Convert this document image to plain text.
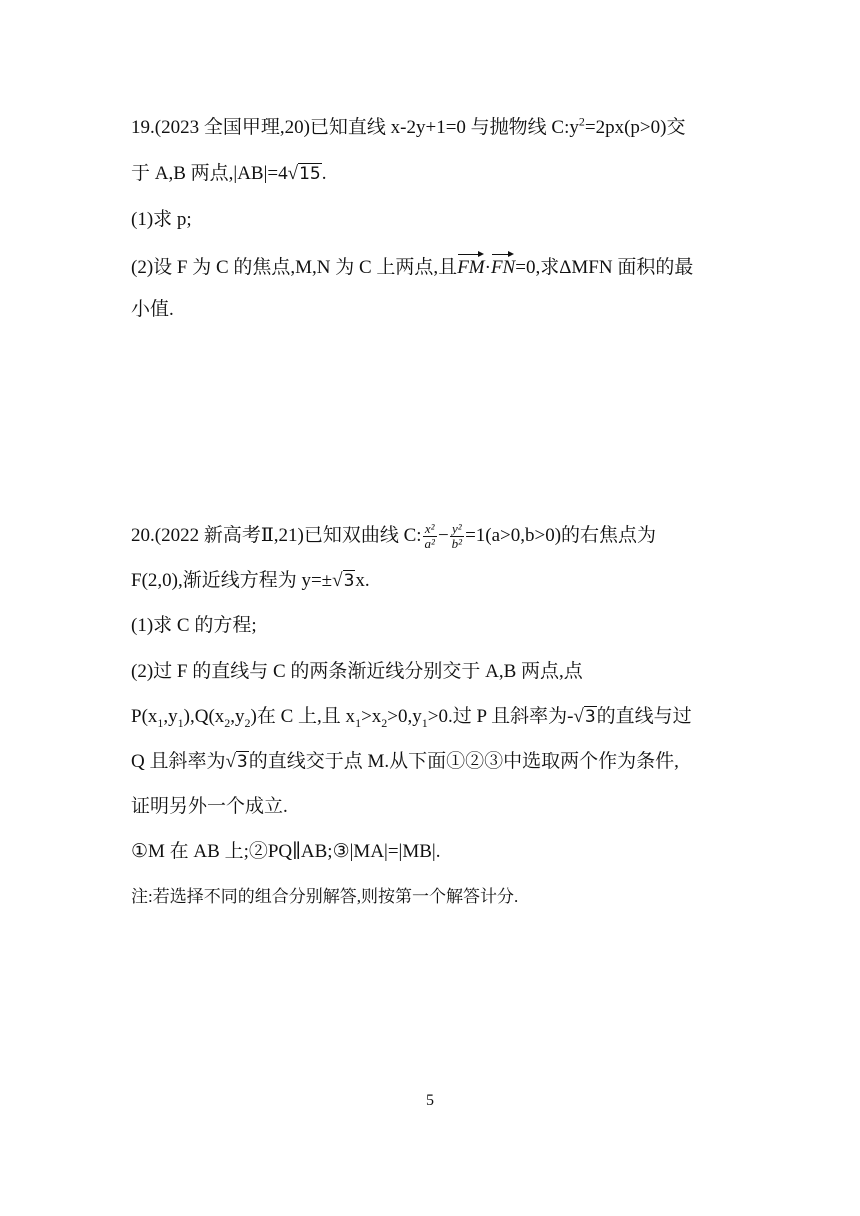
19.(2023 全国甲理,20)已知直线 x-2y+1=0 与抛物线 $C:y^2=2px(p>0)$交
于 A,B 两点,|AB|=4√15.
(1)求 p;
(2)设 F 为 C 的焦点,M,N 为 C 上两点,且FM·FN=0,求ΔMFN 面积的最
小值.
20.(2022 新高考Ⅱ,21)已知双曲线 C: $\frac{\text{x²}}{\text{a²}} - \frac{\text{y²}}{\text{b²}} =1(a>0,b>0)$的右焦点为
F(2,0),渐近线方程为 y=±√3x.
(1)求 C 的方程;
(2)过 F 的直线与 C 的两条渐近线分别交于 A,B 两点,点
$P(x_1,y_1),Q(x_2,y_2)$在 C 上,且 $x_1>x_2>0,y_1>0$.过 P 且斜率为-√3的直线与过
Q 且斜率为√3的直线交于点 M.从下面①②③中选取两个作为条件,
证明另外一个成立.
①M 在 AB 上;②PQ∥AB;③|MA|=|MB|.
注:若选择不同的组合分别解答,则按第一个解答计分.
5
